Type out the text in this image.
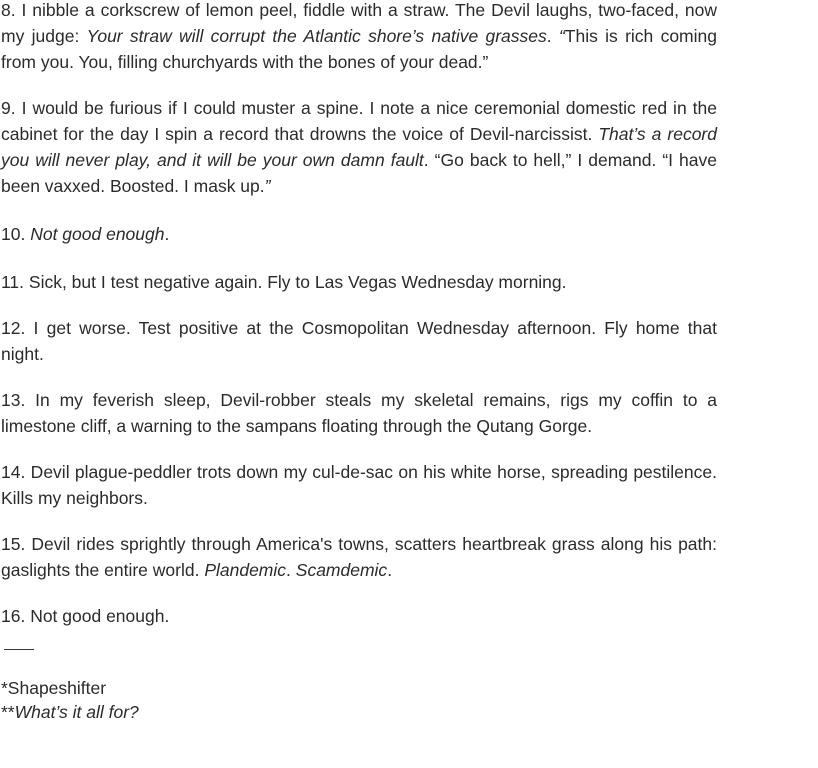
8. I nibble a corkscrew of lemon peel, fiddle with a straw. The Devil laughs, two-faced, now my judge: Your straw will corrupt the Atlantic shore’s native grasses. “This is rich coming from you. You, filling churchyards with the bones of your dead.”

9. I would be furious if I could muster a spine. I note a nice ceremonial domestic red in the cabinet for the day I spin a record that drowns the voice of Devil-narcissist. That’s a record you will never play, and it will be your own damn fault. “Go back to hell,” I demand. “I have been vaxxed. Boosted. I mask up.”

10. Not good enough.

11. Sick, but I test negative again. Fly to Las Vegas Wednesday morning.

12. I get worse. Test positive at the Cosmopolitan Wednesday afternoon. Fly home that night.

13. In my feverish sleep, Devil-robber steals my skeletal remains, rigs my coffin to a limestone cliff, a warning to the sampans floating through the Qutang Gorge.

14. Devil plague-peddler trots down my cul-de-sac on his white horse, spreading pestilence. Kills my neighbors.

15. Devil rides sprightly through America's towns, scatters heartbreak grass along his path: gaslights the entire world. Plandemic. Scamdemic.

16. Not good enough.

*Shapeshifter

**What’s it all for?
